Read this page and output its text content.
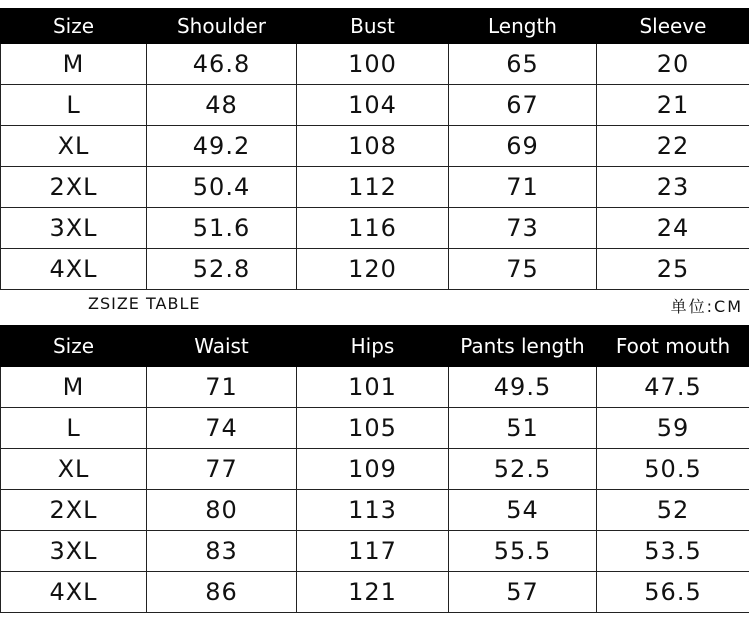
Size	Shoulder	Bust	Length	Sleeve
M	46.8	100	65	20
L	48	104	67	21
XL	49.2	108	69	22
2XL	50.4	112	71	23
3XL	51.6	116	73	24
4XL	52.8	120	75	25
ZSIZE TABLE	单位:CM
Size	Waist	Hips	Pants length	Foot mouth
M	71	101	49.5	47.5
L	74	105	51	59
XL	77	109	52.5	50.5
2XL	80	113	54	52
3XL	83	117	55.5	53.5
4XL	86	121	57	56.5
